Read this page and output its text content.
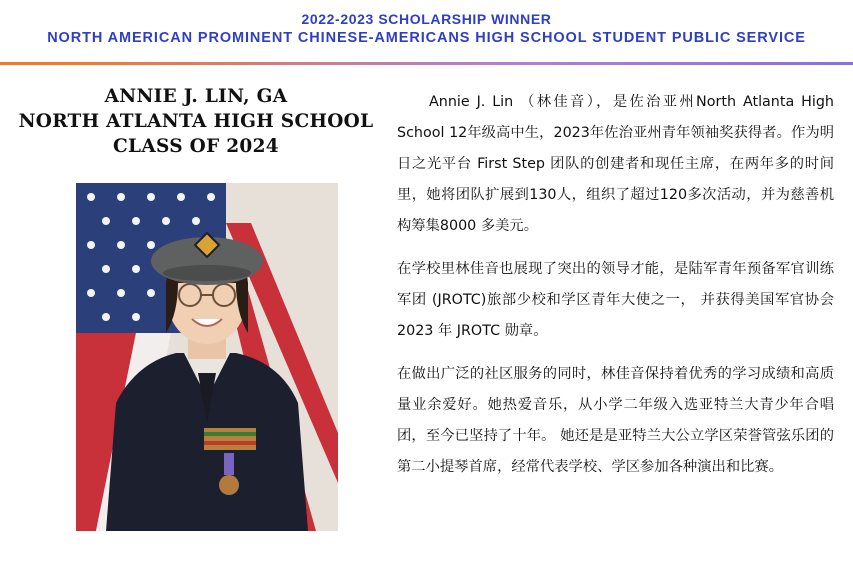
2022-2023 SCHOLARSHIP WINNER
NORTH AMERICAN PROMINENT CHINESE-AMERICANS HIGH SCHOOL STUDENT PUBLIC SERVICE
ANNIE J. LIN, GA
NORTH ATLANTA HIGH SCHOOL
CLASS OF 2024

Annie J. Lin （林佳音），是佐治亚州North Atlanta High School 12年级高中生，2023年佐治亚州青年领袖奖获得者。作为明日之光平台 First Step 团队的创建者和现任主席，在两年多的时间里，她将团队扩展到130人，组织了超过120多次活动，并为慈善机构筹集8000 多美元。

在学校里林佳音也展现了突出的领导才能，是陆军青年预备军官训练军团 (JROTC)旅部少校和学区青年大使之一， 并获得美国军官协会2023 年 JROTC 勋章。

在做出广泛的社区服务的同时，林佳音保持着优秀的学习成绩和高质量业余爱好。她热爱音乐，从小学二年级入选亚特兰大青少年合唱团，至今已坚持了十年。 她还是是亚特兰大公立学区荣誉管弦乐团的第二小提琴首席，经常代表学校、学区参加各种演出和比赛。
